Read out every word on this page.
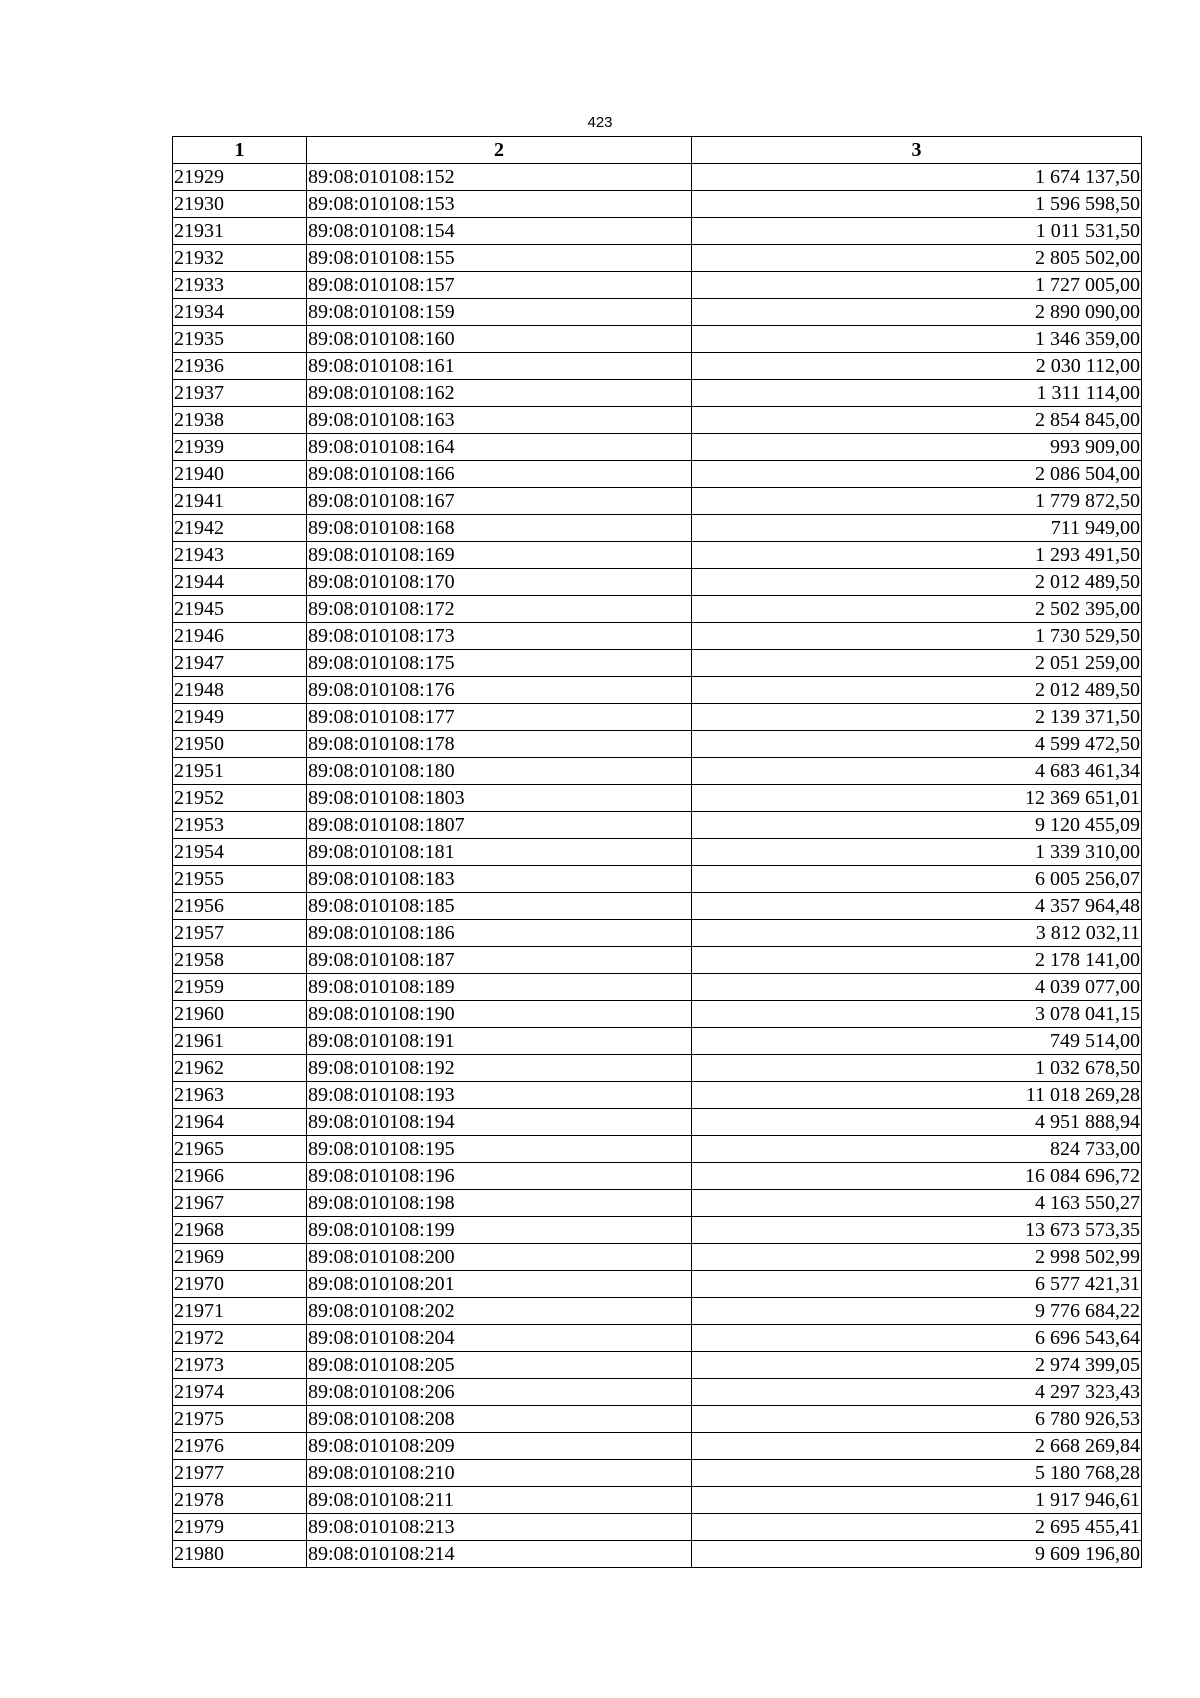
423
1	2	3
21929	89:08:010108:152	1 674 137,50
21930	89:08:010108:153	1 596 598,50
21931	89:08:010108:154	1 011 531,50
21932	89:08:010108:155	2 805 502,00
21933	89:08:010108:157	1 727 005,00
21934	89:08:010108:159	2 890 090,00
21935	89:08:010108:160	1 346 359,00
21936	89:08:010108:161	2 030 112,00
21937	89:08:010108:162	1 311 114,00
21938	89:08:010108:163	2 854 845,00
21939	89:08:010108:164	993 909,00
21940	89:08:010108:166	2 086 504,00
21941	89:08:010108:167	1 779 872,50
21942	89:08:010108:168	711 949,00
21943	89:08:010108:169	1 293 491,50
21944	89:08:010108:170	2 012 489,50
21945	89:08:010108:172	2 502 395,00
21946	89:08:010108:173	1 730 529,50
21947	89:08:010108:175	2 051 259,00
21948	89:08:010108:176	2 012 489,50
21949	89:08:010108:177	2 139 371,50
21950	89:08:010108:178	4 599 472,50
21951	89:08:010108:180	4 683 461,34
21952	89:08:010108:1803	12 369 651,01
21953	89:08:010108:1807	9 120 455,09
21954	89:08:010108:181	1 339 310,00
21955	89:08:010108:183	6 005 256,07
21956	89:08:010108:185	4 357 964,48
21957	89:08:010108:186	3 812 032,11
21958	89:08:010108:187	2 178 141,00
21959	89:08:010108:189	4 039 077,00
21960	89:08:010108:190	3 078 041,15
21961	89:08:010108:191	749 514,00
21962	89:08:010108:192	1 032 678,50
21963	89:08:010108:193	11 018 269,28
21964	89:08:010108:194	4 951 888,94
21965	89:08:010108:195	824 733,00
21966	89:08:010108:196	16 084 696,72
21967	89:08:010108:198	4 163 550,27
21968	89:08:010108:199	13 673 573,35
21969	89:08:010108:200	2 998 502,99
21970	89:08:010108:201	6 577 421,31
21971	89:08:010108:202	9 776 684,22
21972	89:08:010108:204	6 696 543,64
21973	89:08:010108:205	2 974 399,05
21974	89:08:010108:206	4 297 323,43
21975	89:08:010108:208	6 780 926,53
21976	89:08:010108:209	2 668 269,84
21977	89:08:010108:210	5 180 768,28
21978	89:08:010108:211	1 917 946,61
21979	89:08:010108:213	2 695 455,41
21980	89:08:010108:214	9 609 196,80
